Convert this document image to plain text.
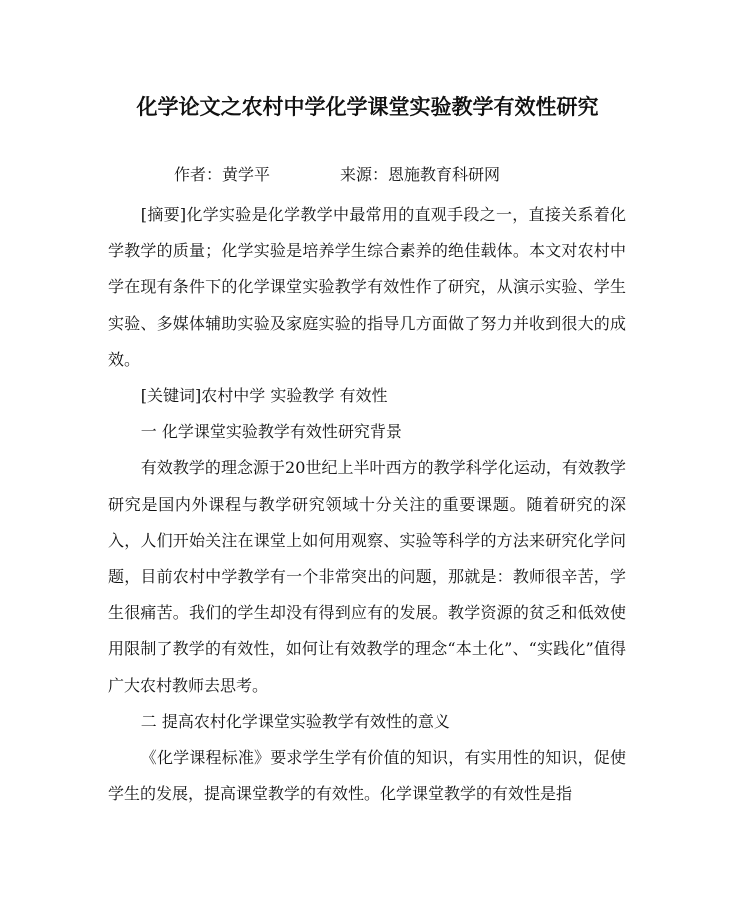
化学论文之农村中学化学课堂实验教学有效性研究
作者：黄学平	来源：恩施教育科研网

[摘要]化学实验是化学教学中最常用的直观手段之一，直接关系着化学教学的质量；化学实验是培养学生综合素养的绝佳载体。本文对农村中学在现有条件下的化学课堂实验教学有效性作了研究，从演示实验、学生实验、多媒体辅助实验及家庭实验的指导几方面做了努力并收到很大的成效。

[关键词]农村中学 实验教学 有效性

一 化学课堂实验教学有效性研究背景

有效教学的理念源于20世纪上半叶西方的教学科学化运动，有效教学研究是国内外课程与教学研究领域十分关注的重要课题。随着研究的深入，人们开始关注在课堂上如何用观察、实验等科学的方法来研究化学问题，目前农村中学教学有一个非常突出的问题，那就是：教师很辛苦，学生很痛苦。我们的学生却没有得到应有的发展。教学资源的贫乏和低效使用限制了教学的有效性，如何让有效教学的理念“本土化”、“实践化”值得广大农村教师去思考。

二 提高农村化学课堂实验教学有效性的意义

《化学课程标准》要求学生学有价值的知识，有实用性的知识，促使学生的发展，提高课堂教学的有效性。化学课堂教学的有效性是指
